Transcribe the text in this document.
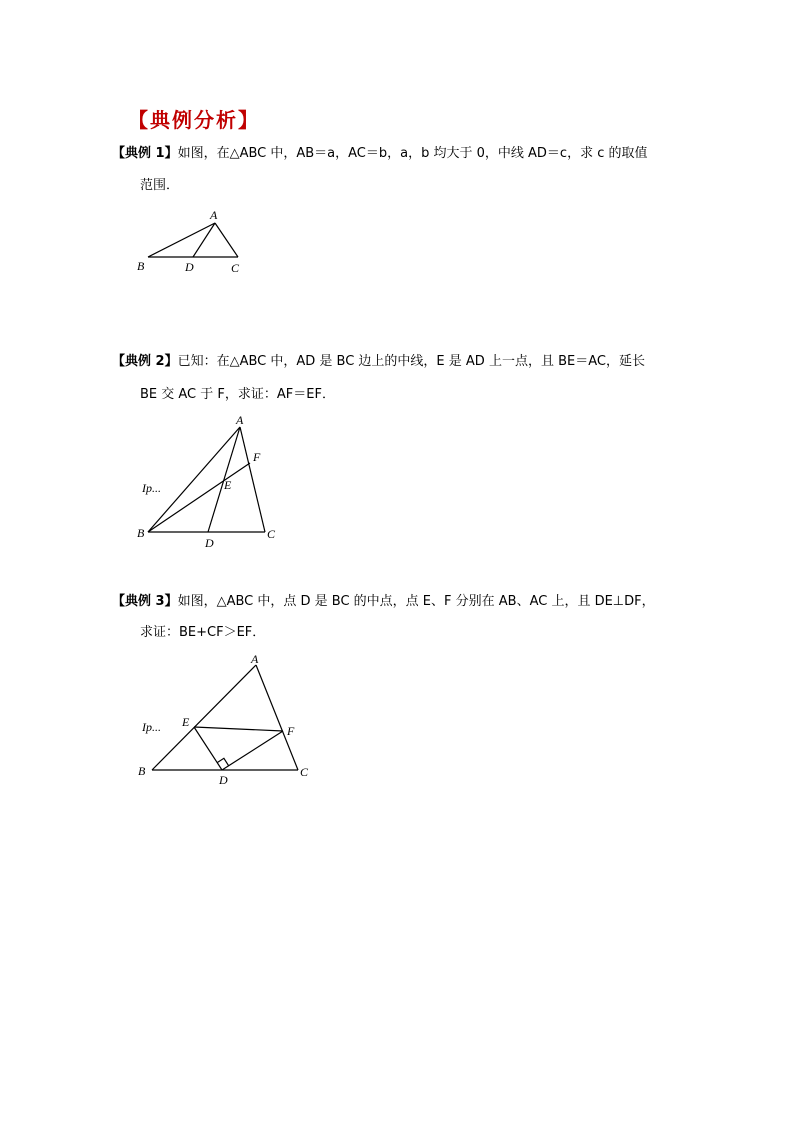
【典例分析】
【典例 1】如图，在△ABC 中，AB＝a，AC＝b，a，b 均大于 0，中线 AD＝c，求 c 的取值
范围．
A
B	D	C
【典例 2】已知：在△ABC 中，AD 是 BC 边上的中线，E 是 AD 上一点，且 BE＝AC，延长
BE 交 AC 于 F，求证：AF＝EF．
Ip...
A
F
E
B
D
C
【典例 3】如图，△ABC 中，点 D 是 BC 的中点，点 E、F 分别在 AB、AC 上，且 DE⊥DF，
求证：BE+CF＞EF．
Ip...
A
E
F
B
D
C
